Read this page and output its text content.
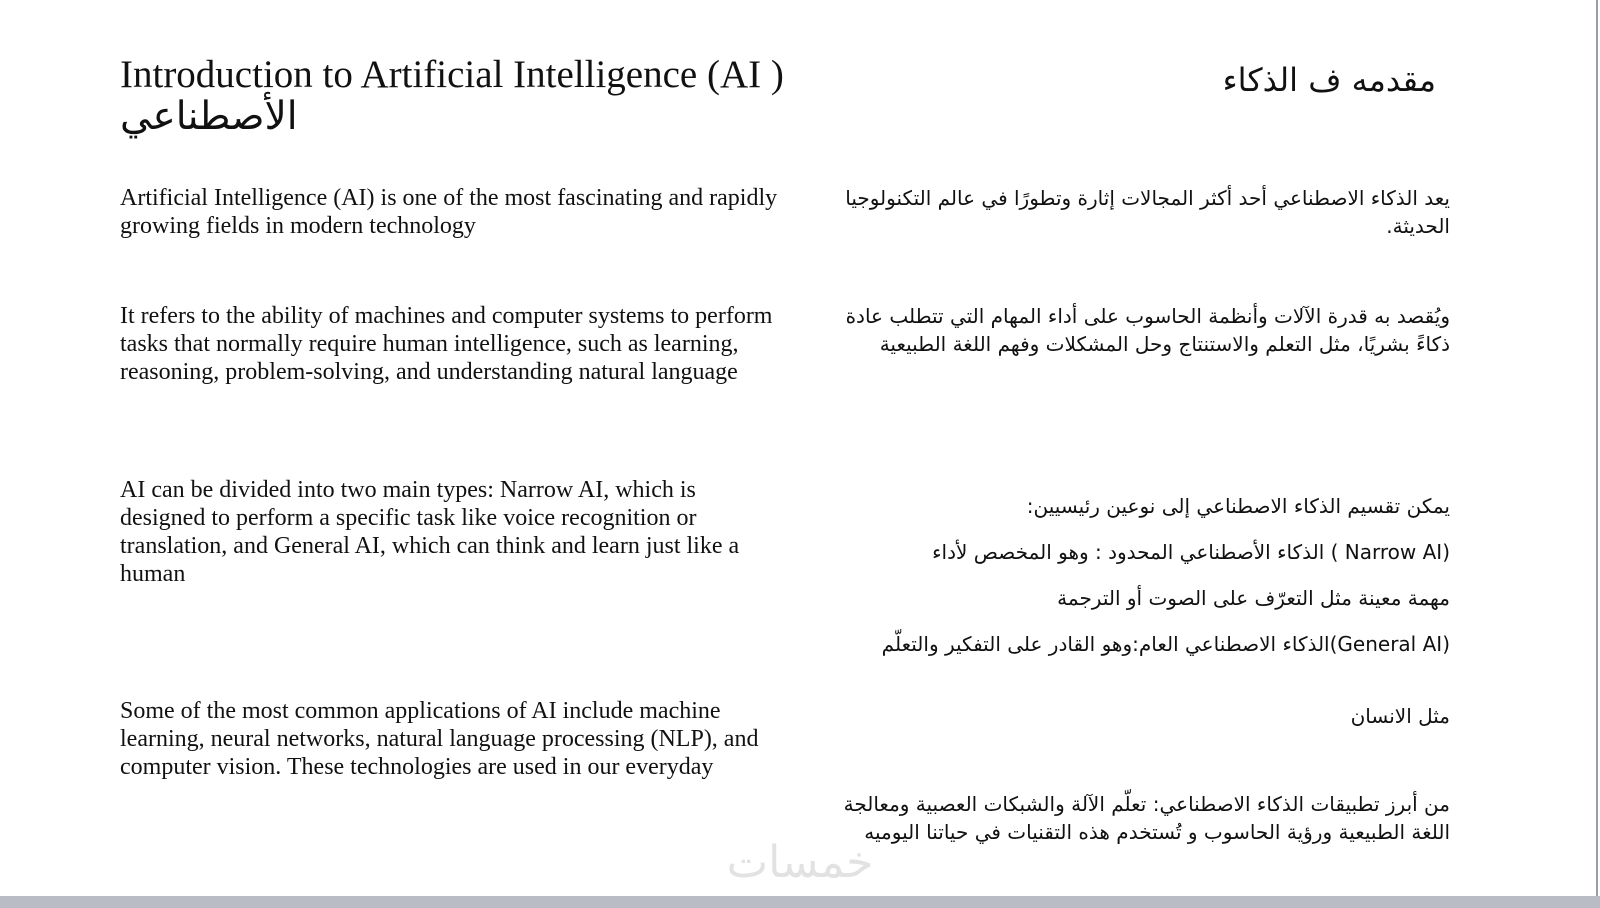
Introduction to Artificial Intelligence (AI ) الأصطناعي
مقدمه ف الذكاء

Artificial Intelligence (AI) is one of the most fascinating and rapidly growing fields in modern technology

It refers to the ability of machines and computer systems to perform tasks that normally require human intelligence, such as learning, reasoning, problem-solving, and understanding natural language

AI can be divided into two main types: Narrow AI, which is designed to perform a specific task like voice recognition or translation, and General AI, which can think and learn just like a human

Some of the most common applications of AI include machine learning, neural networks, natural language processing (NLP), and computer vision. These technologies are used in our everyday

يعد الذكاء الاصطناعي أحد أكثر المجالات إثارة وتطورًا في عالم التكنولوجيا الحديثة.

ويُقصد به قدرة الآلات وأنظمة الحاسوب على أداء المهام التي تتطلب عادة ذكاءً بشريًا، مثل التعلم والاستنتاج وحل المشكلات وفهم اللغة الطبيعية

يمكن تقسيم الذكاء الاصطناعي إلى نوعين رئيسيين:

(Narrow AI ) الذكاء الأصطناعي المحدود : وهو المخصص لأداء

مهمة معينة مثل التعرّف على الصوت أو الترجمة

(General AI)الذكاء الاصطناعي العام:وهو القادر على التفكير والتعلّم

مثل الانسان

من أبرز تطبيقات الذكاء الاصطناعي: تعلّم الآلة والشبكات العصبية ومعالجة اللغة الطبيعية ورؤية الحاسوب و تُستخدم هذه التقنيات في حياتنا اليوميه

خمسات
